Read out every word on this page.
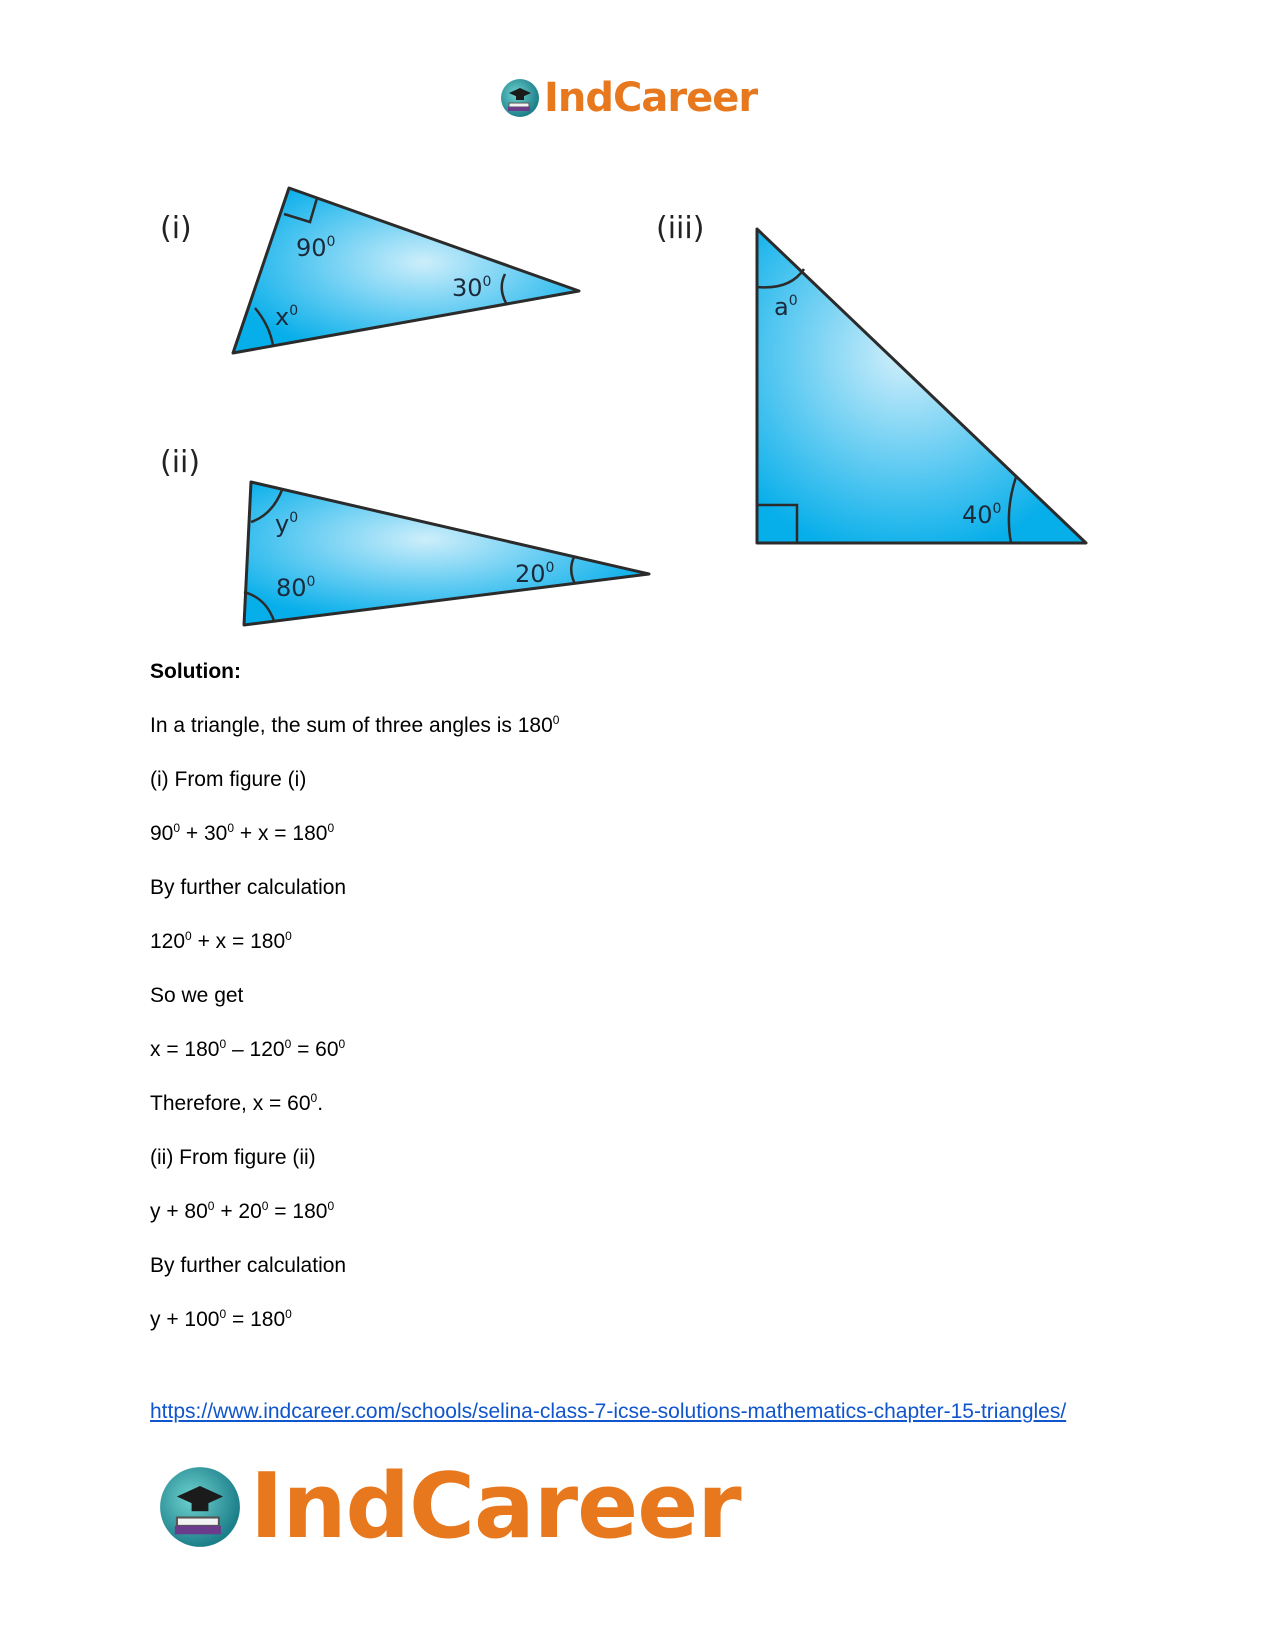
IndCareer
(i)
900
300
x0
(ii)
y0
800	200
(iii)
a0
400

Solution:

In a triangle, the sum of three angles is $180^0$

(i) From figure (i)

$90^0 + 30^0 + x = 180^0$

By further calculation

$120^0 + x = 180^0$

So we get

$x = 180^0 - 120^0 = 60^0$

Therefore, $x = 60^0$.

(ii) From figure (ii)

$y + 80^0 + 20^0 = 180^0$

By further calculation

$y + 100^0 = 180^0$

https://www.indcareer.com/schools/selina-class-7-icse-solutions-mathematics-chapter-15-triangles/
IndCareer
